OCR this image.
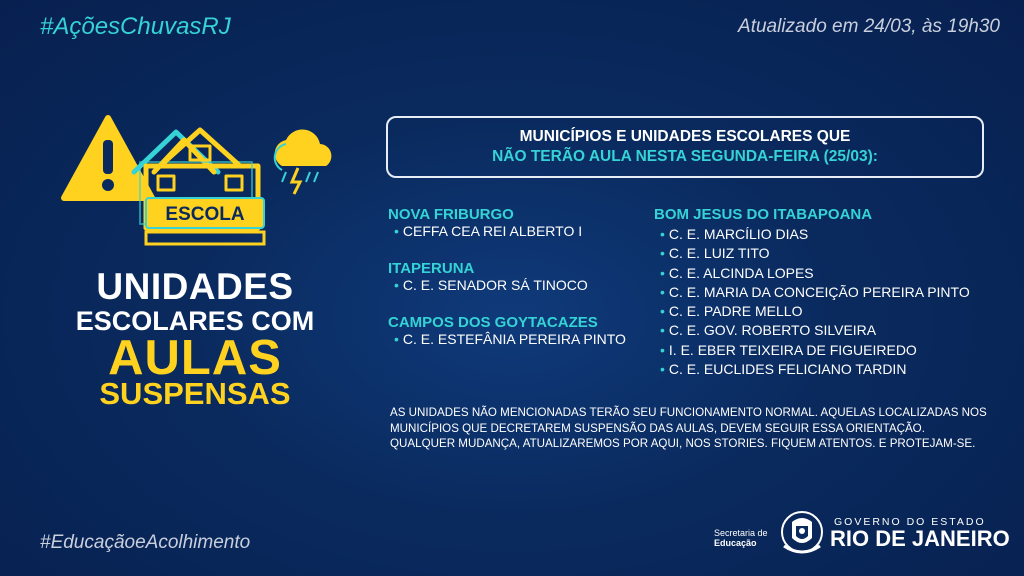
#AçõesChuvasRJ	Atualizado em 24/03, às 19h30
ESCOLA
UNIDADES
ESCOLARES COM
AULAS
SUSPENSAS
MUNICÍPIOS E UNIDADES ESCOLARES QUE
NÃO TERÃO AULA NESTA SEGUNDA-FEIRA (25/03):
NOVA FRIBURGO
• CEFFA CEA REI ALBERTO I
ITAPERUNA
• C. E. SENADOR SÁ TINOCO
CAMPOS DOS GOYTACAZES
• C. E. ESTEFÂNIA PEREIRA PINTO
BOM JESUS DO ITABAPOANA
• C. E. MARCÍLIO DIAS
• C. E. LUIZ TITO
• C. E. ALCINDA LOPES
• C. E. MARIA DA CONCEIÇÃO PEREIRA PINTO
• C. E. PADRE MELLO
• C. E. GOV. ROBERTO SILVEIRA
• I. E. EBER TEIXEIRA DE FIGUEIREDO
• C. E. EUCLIDES FELICIANO TARDIN
AS UNIDADES NÃO MENCIONADAS TERÃO SEU FUNCIONAMENTO NORMAL. AQUELAS LOCALIZADAS NOS MUNICÍPIOS QUE DECRETAREM SUSPENSÃO DAS AULAS, DEVEM SEGUIR ESSA ORIENTAÇÃO. QUALQUER MUDANÇA, ATUALIZAREMOS POR AQUI, NOS STORIES. FIQUEM ATENTOS. E PROTEJAM-SE.
#EducaçãoeAcolhimento	Secretaria de
Educação
GOVERNO DO ESTADO
RIO DE JANEIRO
